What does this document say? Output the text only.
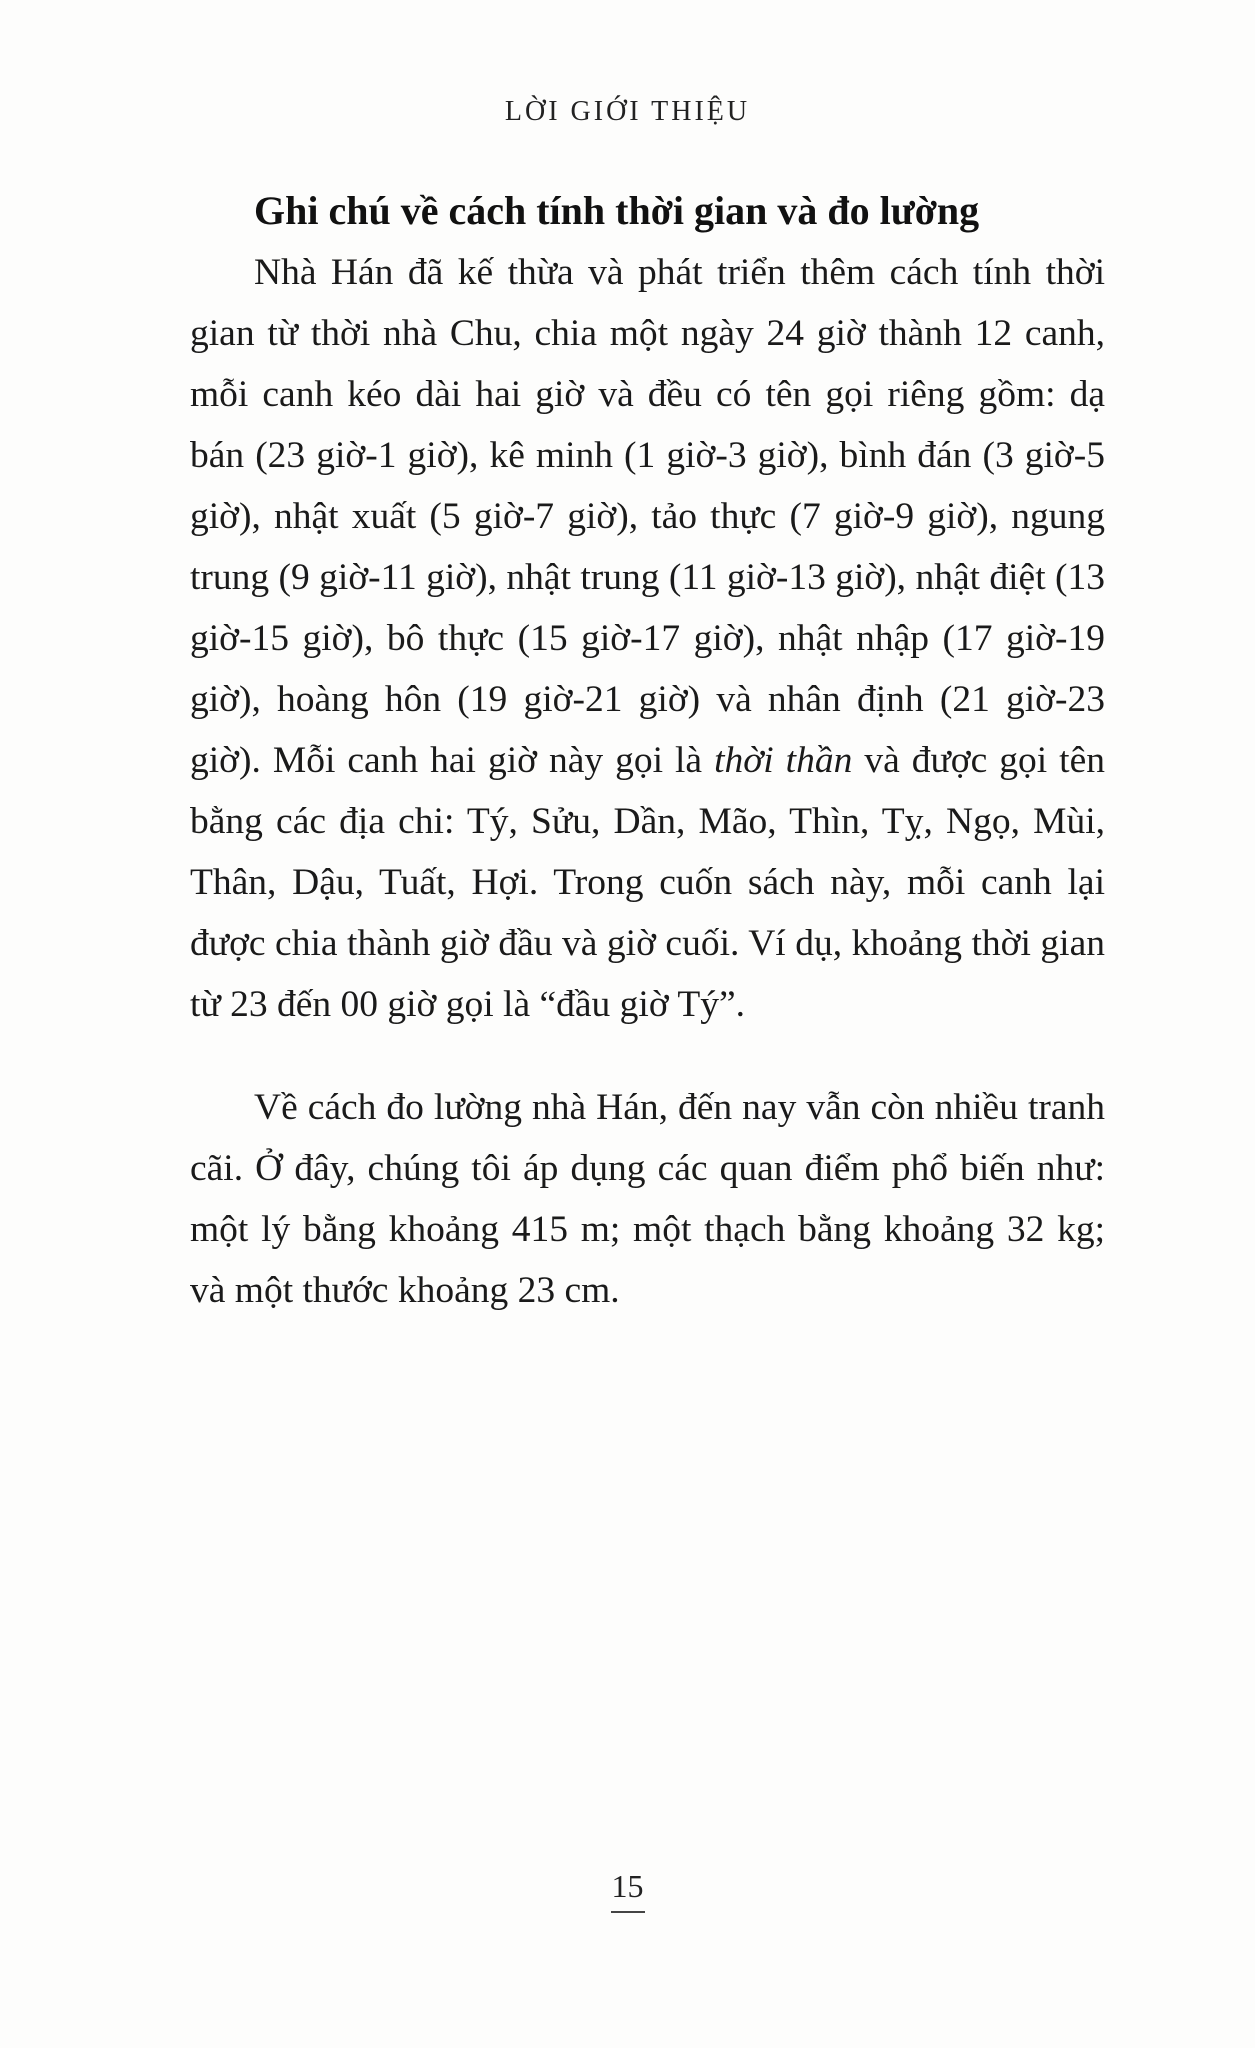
LỜI GIỚI THIỆU
Ghi chú về cách tính thời gian và đo lường

Nhà Hán đã kế thừa và phát triển thêm cách tính thời gian từ thời nhà Chu, chia một ngày 24 giờ thành 12 canh, mỗi canh kéo dài hai giờ và đều có tên gọi riêng gồm: dạ bán (23 giờ-1 giờ), kê minh (1 giờ-3 giờ), bình đán (3 giờ-5 giờ), nhật xuất (5 giờ-7 giờ), tảo thực (7 giờ-9 giờ), ngung trung (9 giờ-11 giờ), nhật trung (11 giờ-13 giờ), nhật điệt (13 giờ-15 giờ), bô thực (15 giờ-17 giờ), nhật nhập (17 giờ-19 giờ), hoàng hôn (19 giờ-21 giờ) và nhân định (21 giờ-23 giờ). Mỗi canh hai giờ này gọi là thời thần và được gọi tên bằng các địa chi: Tý, Sửu, Dần, Mão, Thìn, Tỵ, Ngọ, Mùi, Thân, Dậu, Tuất, Hợi. Trong cuốn sách này, mỗi canh lại được chia thành giờ đầu và giờ cuối. Ví dụ, khoảng thời gian từ 23 đến 00 giờ gọi là “đầu giờ Tý”.

Về cách đo lường nhà Hán, đến nay vẫn còn nhiều tranh cãi. Ở đây, chúng tôi áp dụng các quan điểm phổ biến như: một lý bằng khoảng 415 m; một thạch bằng khoảng 32 kg; và một thước khoảng 23 cm.

15
